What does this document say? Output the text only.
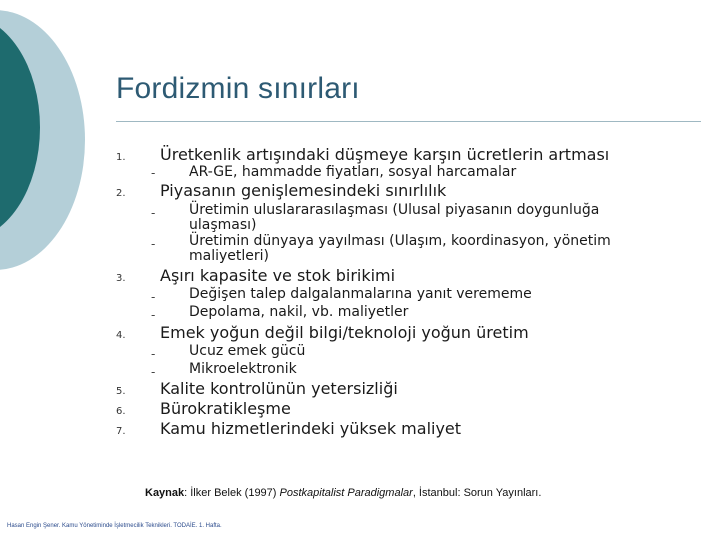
Fordizmin sınırları
1. Üretkenlik artışındaki düşmeye karşın ücretlerin artması
- AR-GE, hammadde fiyatları, sosyal harcamalar
2. Piyasanın genişlemesindeki sınırlılık
- Üretimin uluslararasılaşması (Ulusal piyasanın doygunluğa ulaşması)
- Üretimin dünyaya yayılması (Ulaşım, koordinasyon, yönetim maliyetleri)
3. Aşırı kapasite ve stok birikimi
- Değişen talep dalgalanmalarına yanıt verememe
- Depolama, nakil, vb. maliyetler
4. Emek yoğun değil bilgi/teknoloji yoğun üretim
- Ucuz emek gücü
- Mikroelektronik
5. Kalite kontrolünün yetersizliği
6. Bürokratikleşme
7. Kamu hizmetlerindeki yüksek maliyet
Kaynak: İlker Belek (1997) Postkapitalist Paradigmalar, İstanbul: Sorun Yayınları.
Hasan Engin Şener. Kamu Yönetiminde İşletmecilik Teknikleri. TODAİE. 1. Hafta.
